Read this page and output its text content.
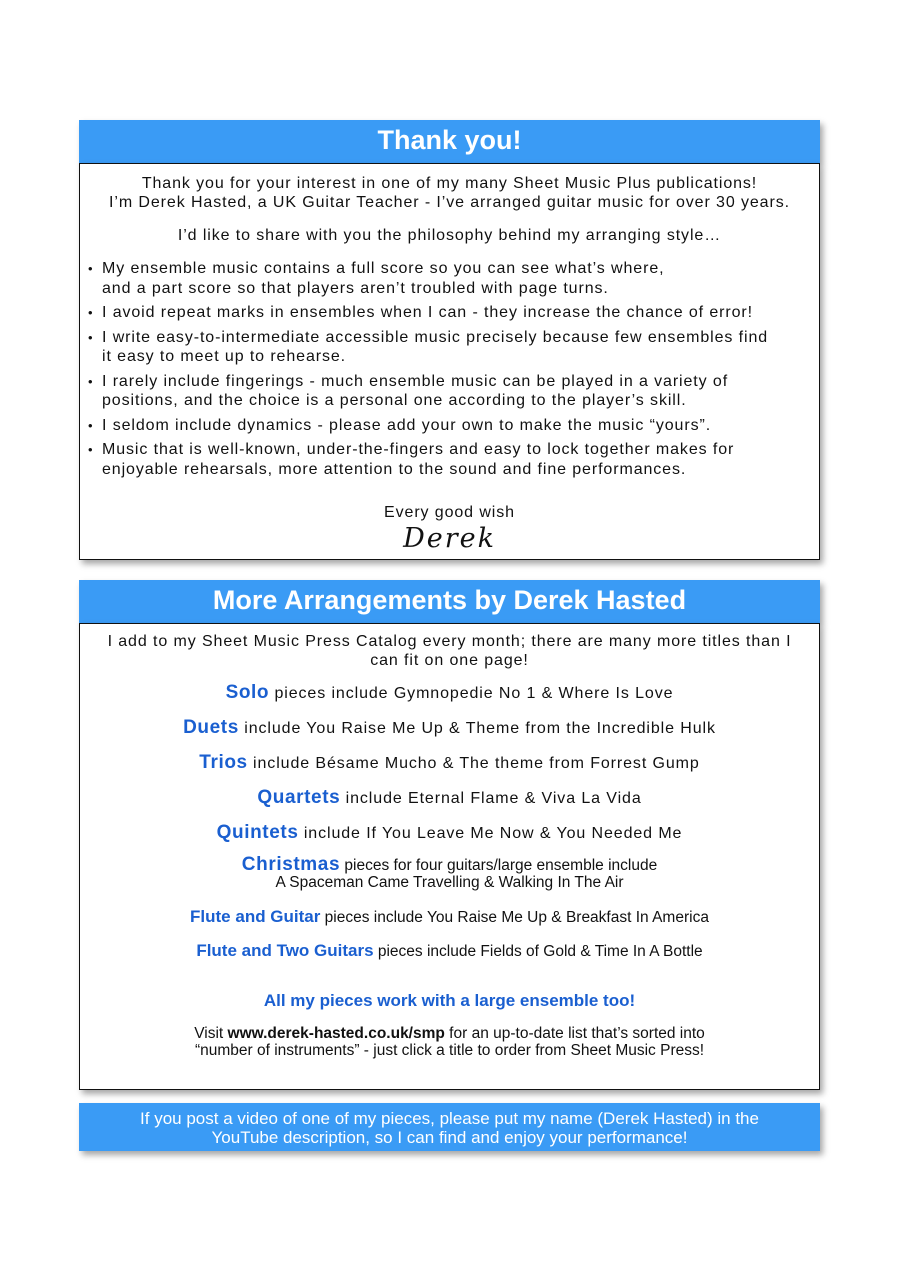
Thank you!
Thank you for your interest in one of my many Sheet Music Plus publications!
I’m Derek Hasted, a UK Guitar Teacher - I’ve arranged guitar music for over 30 years.
I’d like to share with you the philosophy behind my arranging style…
• My ensemble music contains a full score so you can see what’s where,
and a part score so that players aren’t troubled with page turns.
• I avoid repeat marks in ensembles when I can - they increase the chance of error!
• I write easy-to-intermediate accessible music precisely because few ensembles find
it easy to meet up to rehearse.
• I rarely include fingerings - much ensemble music can be played in a variety of
positions, and the choice is a personal one according to the player’s skill.
• I seldom include dynamics - please add your own to make the music “yours”.
• Music that is well-known, under-the-fingers and easy to lock together makes for
enjoyable rehearsals, more attention to the sound and fine performances.
Every good wish
Derek
More Arrangements by Derek Hasted
I add to my Sheet Music Press Catalog every month; there are many more titles than I
can fit on one page!
Solo pieces include Gymnopedie No 1 & Where Is Love
Duets include You Raise Me Up & Theme from the Incredible Hulk
Trios include Bésame Mucho & The theme from Forrest Gump
Quartets include Eternal Flame & Viva La Vida
Quintets include If You Leave Me Now & You Needed Me
Christmas pieces for four guitars/large ensemble include
A Spaceman Came Travelling & Walking In The Air
Flute and Guitar pieces include You Raise Me Up & Breakfast In America
Flute and Two Guitars pieces include Fields of Gold & Time In A Bottle
All my pieces work with a large ensemble too!
Visit www.derek-hasted.co.uk/smp for an up-to-date list that’s sorted into
“number of instruments” - just click a title to order from Sheet Music Press!
If you post a video of one of my pieces, please put my name (Derek Hasted) in the
YouTube description, so I can find and enjoy your performance!
